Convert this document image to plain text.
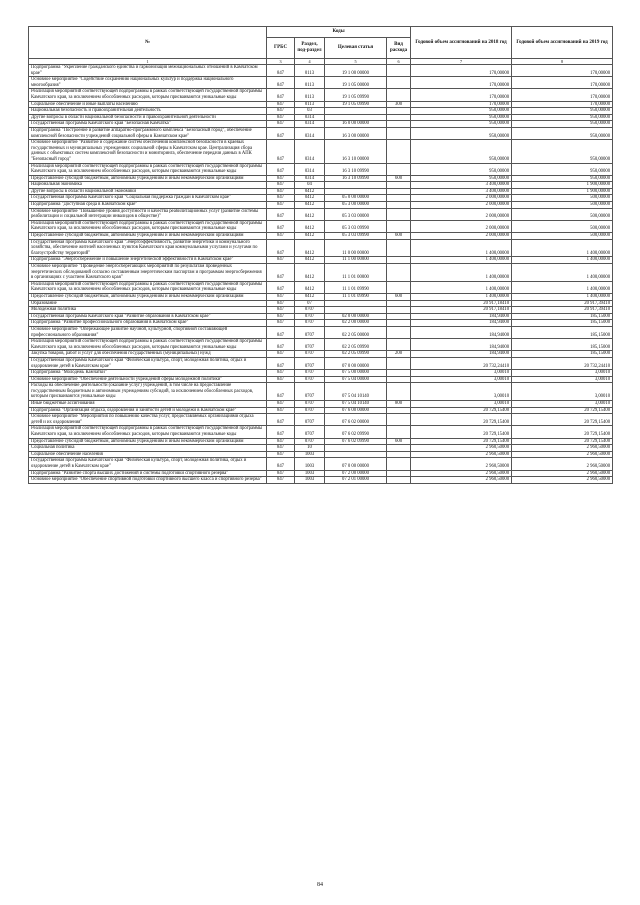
№	Коды				Годовой объем ассигнований на 2018 год	Годовой объем ассигнований на 2019 год
	ГРБС	Раздел, под-раздел	Целевая статья	Вид расхода		
1	3	4	5	6	7	8
Подпрограмма "Укрепление гражданского единства и гармонизация межнациональных отношений в Камчатском крае"	847	0113	19 1 00 00000		170,00000	170,00000
Основное мероприятие "Содействие сохранению национальных культур и поддержка национального многообразия"	847	0113	19 1 05 00000		170,00000	170,00000
Реализация мероприятий соответствующей подпрограммы в рамках соответствующей государственной программы Камчатского края, за исключением обособленных расходов, которым присваиваются уникальные коды	847	0113	19 1 05 09990		170,00000	170,00000
Социальное обеспечение и иные выплаты населению	847	0113	19 1 05 09990	300	170,00000	170,00000
Национальная безопасность и правоохранительная деятельность	847	03			950,00000	950,00000
Другие вопросы в области национальной безопасности и правоохранительной деятельности	847	0314			950,00000	950,00000
Государственная программа Камчатского края "Безопасная Камчатка"	847	0314	16 0 00 00000		950,00000	950,00000
Подпрограмма "Построение и развитие аппаратно-программного комплекса "Безопасный город", обеспечение комплексной безопасности учреждений социальной сферы в Камчатском крае"	847	0314	16 3 00 00000		950,00000	950,00000
Основное мероприятие "Развитие и содержание систем обеспечения комплексной безопасности в краевых государственных и муниципальных учреждениях социальной сферы в Камчатском крае. Централизация сбора данных с объектовых систем комплексной безопасности и мониторинга, обеспечение передачи данных в АПК "Безопасный город"	847	0314	16 3 10 00000		950,00000	950,00000
Реализация мероприятий соответствующей подпрограммы в рамках соответствующей государственной программы Камчатского края, за исключением обособленных расходов, которым присваиваются уникальные коды	847	0314	16 3 10 09990		950,00000	950,00000
Предоставление субсидий бюджетным, автономным учреждениям и иным некоммерческим организациям	847	0314	16 3 10 09990	600	950,00000	950,00000
Национальная экономика	847	04			3 400,00000	1 900,00000
Другие вопросы в области национальной экономики	847	0412			3 400,00000	1 900,00000
Государственная программа Камчатского края "Социальная поддержка граждан в Камчатском крае"	847	0412	05 0 00 00000		2 000,00000	500,00000
Подпрограмма "Доступная среда в Камчатском крае"	847	0412	05 3 00 00000		2 000,00000	500,00000
Основное мероприятие "Повышение уровня доступности и качества реабилитационных услуг (развитие системы реабилитации и социальной интеграции инвалидов в обществе)"	847	0412	05 3 03 00000		2 000,00000	500,00000
Реализация мероприятий соответствующей подпрограммы в рамках соответствующей государственной программы Камчатского края, за исключением обособленных расходов, которым присваиваются уникальные коды	847	0412	05 3 03 09990		2 000,00000	500,00000
Предоставление субсидий бюджетным, автономным учреждениям и иным некоммерческим организациям	847	0412	05 3 03 09990	600	2 000,00000	500,00000
Государственная программа Камчатского края "Энергоэффективность, развитие энергетики и коммунального хозяйства, обеспечение жителей населенных пунктов Камчатского края коммунальными услугами и услугами по благоустройству территорий"	847	0412	11 0 00 00000		1 400,00000	1 400,00000
Подпрограмма "Энергосбережение и повышение энергетической эффективности в Камчатском крае"	847	0412	11 1 00 00000		1 400,00000	1 400,00000
Основное мероприятие "Проведение энергосберегающих мероприятий по результатам проведенных энергетических обследований согласно составленным энергетическим паспортам и программам энергосбережения в организациях с участием Камчатского края"	847	0412	11 1 01 00000		1 400,00000	1 400,00000
Реализация мероприятий соответствующей подпрограммы в рамках соответствующей государственной программы Камчатского края, за исключением обособленных расходов, которым присваиваются уникальные коды	847	0412	11 1 01 09990		1 400,00000	1 400,00000
Предоставление субсидий бюджетным, автономным учреждениям и иным некоммерческим организациям	847	0412	11 1 01 09990	600	1 400,00000	1 400,00000
Образование	847	07			20 917,18410	20 917,39410
Молодежная политика	847	0707			20 917,18410	20 917,39410
Государственная программа Камчатского края "Развитие образования в Камчатском крае"	847	0707	02 0 00 00000		184,94000	185,15000
Подпрограмма "Развитие профессионального образования в Камчатском крае"	847	0707	02 2 00 00000		184,94000	185,15000
Основное мероприятие "Опережающее развитие научной, культурной, спортивной составляющей профессионального образования"	847	0707	02 2 05 00000		184,94000	185,15000
Реализация мероприятий соответствующей подпрограммы в рамках соответствующей государственной программы Камчатского края, за исключением обособленных расходов, которым присваиваются уникальные коды	847	0707	02 2 05 09990		184,94000	185,15000
Закупка товаров, работ и услуг для обеспечения государственных (муниципальных) нужд	847	0707	02 2 05 09990	200	184,94000	185,15000
Государственная программа Камчатского края "Физическая культура, спорт, молодежная политика, отдых и оздоровление детей в Камчатском крае"	847	0707	07 0 00 00000		20 732,24410	20 732,24410
Подпрограмма "Молодежь Камчатки"	847	0707	07 5 00 00000		3,00010	3,00010
Основное мероприятие "Обеспечение деятельности учреждений сферы молодежной политики"	847	0707	07 5 04 00000		3,00010	3,00010
Расходы на обеспечение деятельности (оказание услуг) учреждений, в том числе на предоставление государственным бюджетным и автономным учреждениям субсидий, за исключением обособленных расходов, которым присваиваются уникальные коды	847	0707	07 5 04 10140		3,00010	3,00010
Иные бюджетные ассигнования	847	0707	07 5 04 10140	800	3,00010	3,00010
Подпрограмма "Организация отдыха, оздоровления и занятости детей и молодежи в Камчатском крае"	847	0707	07 6 00 00000		20 729,15400	20 729,15400
Основное мероприятие "Мероприятия по повышению качества услуг, предоставляемых организациями отдыха детей и их оздоровления"	847	0707	07 6 02 00000		20 729,15400	20 729,15400
Реализация мероприятий соответствующей подпрограммы в рамках соответствующей государственной программы Камчатского края, за исключением обособленных расходов, которым присваиваются уникальные коды	847	0707	07 6 02 09990		20 729,15400	20 729,15400
Предоставление субсидий бюджетным, автономным учреждениям и иным некоммерческим организациям	847	0707	07 6 02 09990	600	20 729,15400	20 729,15400
Социальная политика	847	10			2 960,50000	2 960,50000
Социальное обеспечение населения	847	1003			2 960,50000	2 960,50000
Государственная программа Камчатского края "Физическая культура, спорт, молодежная политика, отдых и оздоровление детей в Камчатском крае"	847	1003	07 0 00 00000		2 960,50000	2 960,50000
Подпрограмма "Развитие спорта высших достижений и системы подготовки спортивного резерва"	847	1003	07 2 00 00000		2 960,50000	2 960,50000
Основное мероприятие "Обеспечение спортивной подготовки спортивного высшего класса и спортивного резерва"	847	1003	07 2 01 00000		2 960,50000	2 960,50000
84
